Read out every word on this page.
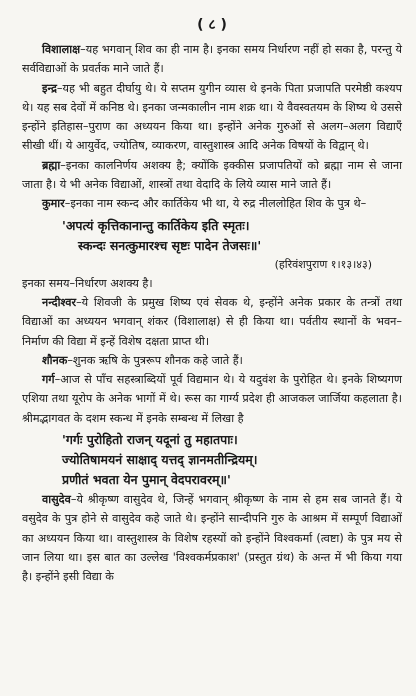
( ८ )

विशालाक्ष–यह भगवान् शिव का ही नाम है। इनका समय निर्धारण नहीं हो सका है, परन्तु ये सर्वविद्याओं के प्रवर्तक माने जाते हैं।

इन्द्र–यह भी बहुत दीर्घायु थे। ये सप्तम युगीन व्यास थे इनके पिता प्रजापति परमेष्ठी कश्यप थे। यह सब देवों में कनिष्ठ थे। इनका जन्मकालीन नाम शक्र था। ये वैवस्वतयम के शिष्य थे उससे इन्होंने इतिहास–पुराण का अध्ययन किया था। इन्होंने अनेक गुरुओं से अलग–अलग विद्याएँ सीखी थीं। ये आयुर्वेद, ज्योतिष, व्याकरण, वास्तुशास्त्र आदि अनेक विषयों के विद्वान् थे।

ब्रह्मा–इनका कालनिर्णय अशक्य है; क्योंकि इक्कीस प्रजापतियों को ब्रह्मा नाम से जाना जाता है। ये भी अनेक विद्याओं, शास्त्रों तथा वेदादि के लिये व्यास माने जाते हैं।

कुमार–इनका नाम स्कन्द और कार्तिकेय भी था, ये रुद्र नीललोहित शिव के पुत्र थे–

'अपत्यं कृत्तिकानान्तु कार्तिकेय इति स्मृतः।
स्कन्दः सनत्कुमारश्च सृष्टः पादेन तेजसः॥'
(हरिवंशपुराण १।१३।४३)

इनका समय–निर्धारण अशक्य है।

नन्दीश्वर–ये शिवजी के प्रमुख शिष्य एवं सेवक थे, इन्होंने अनेक प्रकार के तन्त्रों तथा विद्याओं का अध्ययन भगवान् शंकर (विशालाक्ष) से ही किया था। पर्वतीय स्थानों के भवन–निर्माण की विद्या में इन्हें विशेष दक्षता प्राप्त थी।

शौनक–शुनक ऋषि के पुत्ररूप शौनक कहे जाते हैं।

गर्ग–आज से पाँच सहस्त्राब्दियों पूर्व विद्यमान थे। ये यदुवंश के पुरोहित थे। इनके शिष्यगण एशिया तथा यूरोप के अनेक भागों में थे। रूस का गार्ग्य प्रदेश ही आजकल जार्जिया कहलाता है। श्रीमद्भागवत के दशम स्कन्ध में इनके सम्बन्ध में लिखा है

'गर्गः पुरोहितो राजन् यदूनां तु महातपाः।
ज्योतिषामयनं साक्षाद् यत्तद् ज्ञानमतीन्द्रियम्।
प्रणीतं भवता येन पुमान् वेदपरावरम्॥'

वासुदेव–ये श्रीकृष्ण वासुदेव थे, जिन्हें भगवान् श्रीकृष्ण के नाम से हम सब जानते हैं। ये वसुदेव के पुत्र होने से वासुदेव कहे जाते थे। इन्होंने सान्दीपनि गुरु के आश्रम में सम्पूर्ण विद्याओं का अध्ययन किया था। वास्तुशास्त्र के विशेष रहस्यों को इन्होंने विश्वकर्मा (त्वष्टा) के पुत्र मय से जान लिया था। इस बात का उल्लेख 'विश्वकर्मप्रकाश' (प्रस्तुत ग्रंथ) के अन्त में भी किया गया है। इन्होंने इसी विद्या के
